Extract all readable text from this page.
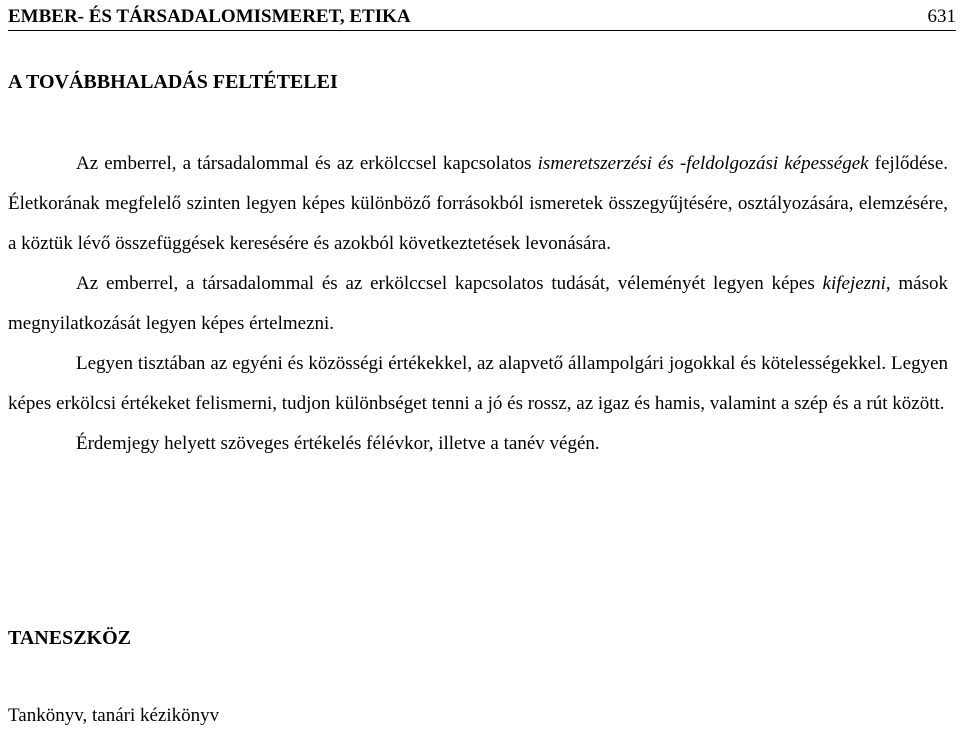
EMBER- ÉS TÁRSADALOMISMERET, ETIKA	631
A TOVÁBBHALADÁS FELTÉTELEI

Az emberrel, a társadalommal és az erkölccsel kapcsolatos ismeretszerzési és -feldolgozási képességek fejlődése. Életkorának megfelelő szinten legyen képes különböző forrásokból ismeretek összegyűjtésére, osztályozására, elemzésére, a köztük lévő összefüggések keresésére és azokból következtetések levonására.

Az emberrel, a társadalommal és az erkölccsel kapcsolatos tudását, véleményét legyen képes kifejezni, mások megnyilatkozását legyen képes értelmezni.

Legyen tisztában az egyéni és közösségi értékekkel, az alapvető állampolgári jogokkal és kötelességekkel. Legyen képes erkölcsi értékeket felismerni, tudjon különbséget tenni a jó és rossz, az igaz és hamis, valamint a szép és a rút között.

Érdemjegy helyett szöveges értékelés félévkor, illetve a tanév végén.

TANESZKÖZ
Tankönyv, tanári kézikönyv
